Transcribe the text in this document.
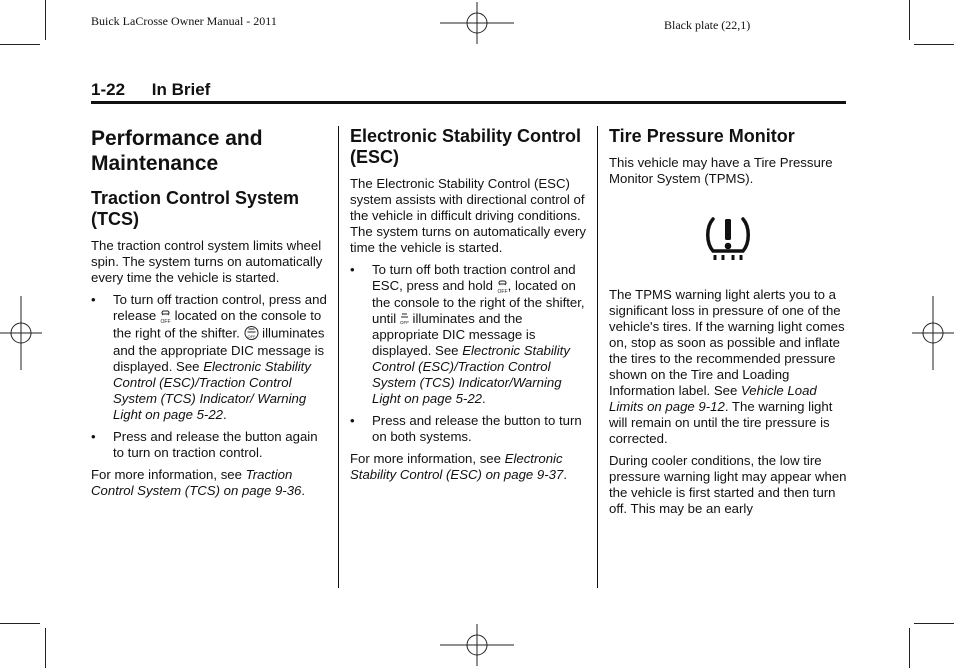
Buick LaCrosse Owner Manual - 2011	Black plate (22,1)
1-22 In Brief
Performance and Maintenance
Traction Control System (TCS)

The traction control system limits wheel spin. The system turns on automatically every time the vehicle is started.

• To turn off traction control, press and release OFF located on the console to the right of the shifter. OFF illuminates and the appropriate DIC message is displayed. See Electronic Stability Control (ESC)/Traction Control System (TCS) Indicator/ Warning Light on page 5-22.
• Press and release the button again to turn on traction control.

For more information, see Traction Control System (TCS) on page 9-36.

Electronic Stability Control (ESC)

The Electronic Stability Control (ESC) system assists with directional control of the vehicle in difficult driving conditions. The system turns on automatically every time the vehicle is started.

• To turn off both traction control and ESC, press and hold OFF , located on the console to the right of the shifter, until OFF illuminates and the appropriate DIC message is displayed. See Electronic Stability Control (ESC)/Traction Control System (TCS) Indicator/Warning Light on page 5-22.
• Press and release the button to turn on both systems.

For more information, see Electronic Stability Control (ESC) on page 9-37.

Tire Pressure Monitor

This vehicle may have a Tire Pressure Monitor System (TPMS).

The TPMS warning light alerts you to a significant loss in pressure of one of the vehicle's tires. If the warning light comes on, stop as soon as possible and inflate the tires to the recommended pressure shown on the Tire and Loading Information label. See Vehicle Load Limits on page 9-12. The warning light will remain on until the tire pressure is corrected.

During cooler conditions, the low tire pressure warning light may appear when the vehicle is first started and then turn off. This may be an early
